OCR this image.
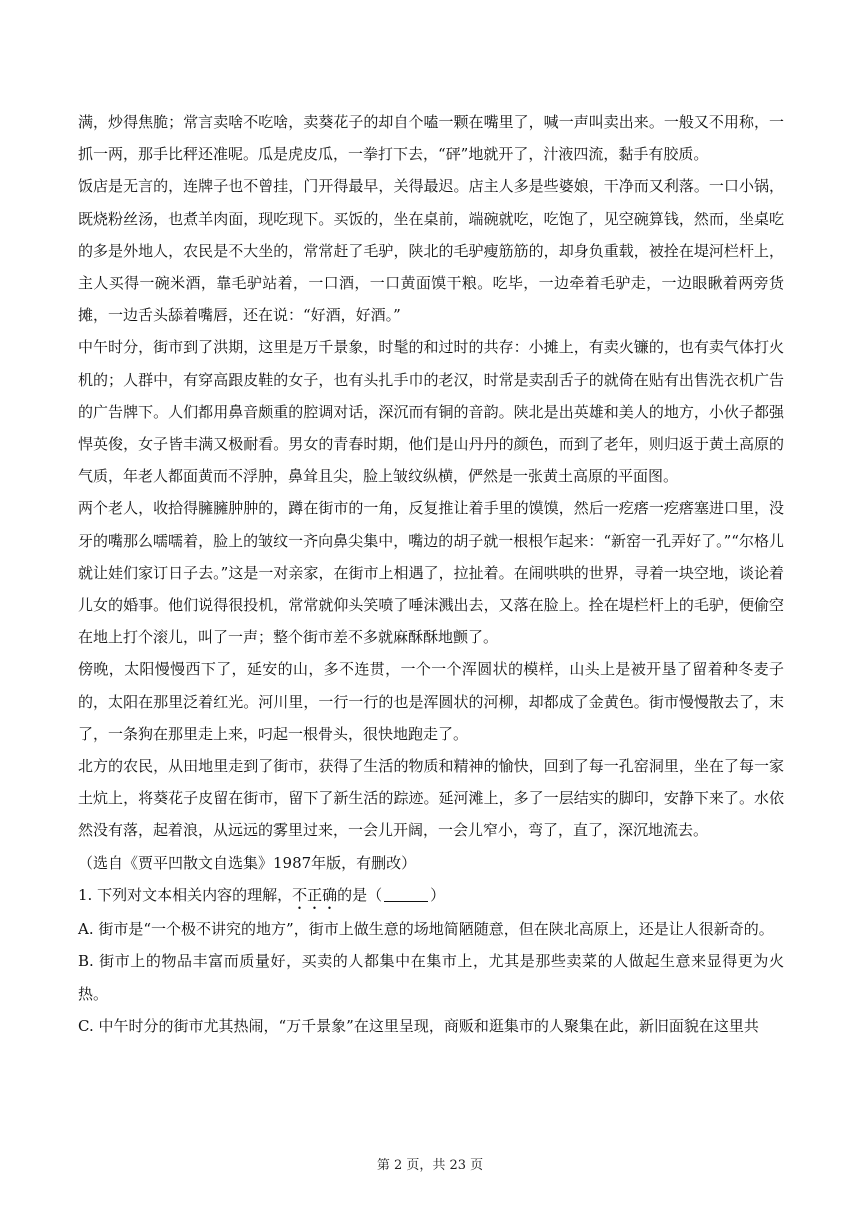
满，炒得焦脆；常言卖啥不吃啥，卖葵花子的却自个嗑一颗在嘴里了，喊一声叫卖出来。一般又不用称，一抓一两，那手比秤还准呢。瓜是虎皮瓜，一拳打下去，“砰”地就开了，汁液四流，黏手有胶质。

饭店是无言的，连牌子也不曾挂，门开得最早，关得最迟。店主人多是些婆娘，干净而又利落。一口小锅，既烧粉丝汤，也煮羊肉面，现吃现下。买饭的，坐在桌前，端碗就吃，吃饱了，见空碗算钱，然而，坐桌吃的多是外地人，农民是不大坐的，常常赶了毛驴，陕北的毛驴瘦筋筋的，却身负重载，被拴在堤河栏杆上，主人买得一碗米酒，靠毛驴站着，一口酒，一口黄面馍干粮。吃毕，一边牵着毛驴走，一边眼瞅着两旁货摊，一边舌头舔着嘴唇，还在说：“好酒，好酒。”

中午时分，街市到了洪期，这里是万千景象，时髦的和过时的共存：小摊上，有卖火镰的，也有卖气体打火机的；人群中，有穿高跟皮鞋的女子，也有头扎手巾的老汉，时常是卖刮舌子的就倚在贴有出售洗衣机广告的广告牌下。人们都用鼻音颇重的腔调对话，深沉而有铜的音韵。陕北是出英雄和美人的地方，小伙子都强悍英俊，女子皆丰满又极耐看。男女的青春时期，他们是山丹丹的颜色，而到了老年，则归返于黄土高原的气质，年老人都面黄而不浮肿，鼻耸且尖，脸上皱纹纵横，俨然是一张黄土高原的平面图。

两个老人，收拾得臃臃肿肿的，蹲在街市的一角，反复推让着手里的馍馍，然后一疙瘩一疙瘩塞进口里，没牙的嘴那么嚅嚅着，脸上的皱纹一齐向鼻尖集中，嘴边的胡子就一根根乍起来：“新窑一孔弄好了。”“尔格儿就让娃们家订日子去。”这是一对亲家，在街市上相遇了，拉扯着。在闹哄哄的世界，寻着一块空地，谈论着儿女的婚事。他们说得很投机，常常就仰头笑喷了唾沫溅出去，又落在脸上。拴在堤栏杆上的毛驴，便偷空在地上打个滚儿，叫了一声；整个街市差不多就麻酥酥地颤了。

傍晚，太阳慢慢西下了，延安的山，多不连贯，一个一个浑圆状的模样，山头上是被开垦了留着种冬麦子的，太阳在那里泛着红光。河川里，一行一行的也是浑圆状的河柳，却都成了金黄色。街市慢慢散去了，末了，一条狗在那里走上来，叼起一根骨头，很快地跑走了。

北方的农民，从田地里走到了街市，获得了生活的物质和精神的愉快，回到了每一孔窑洞里，坐在了每一家土炕上，将葵花子皮留在街市，留下了新生活的踪迹。延河滩上，多了一层结实的脚印，安静下来了。水依然没有落，起着浪，从远远的雾里过来，一会儿开阔，一会儿窄小，弯了，直了，深沉地流去。

（选自《贾平凹散文自选集》1987年版，有删改）

1. 下列对文本相关内容的理解，不正确的是（	）

A. 街市是“一个极不讲究的地方”，街市上做生意的场地简陋随意，但在陕北高原上，还是让人很新奇的。

B. 街市上的物品丰富而质量好，买卖的人都集中在集市上，尤其是那些卖菜的人做起生意来显得更为火热。

C. 中午时分的街市尤其热闹，“万千景象”在这里呈现，商贩和逛集市的人聚集在此，新旧面貌在这里共

第 2 页，共 23 页
